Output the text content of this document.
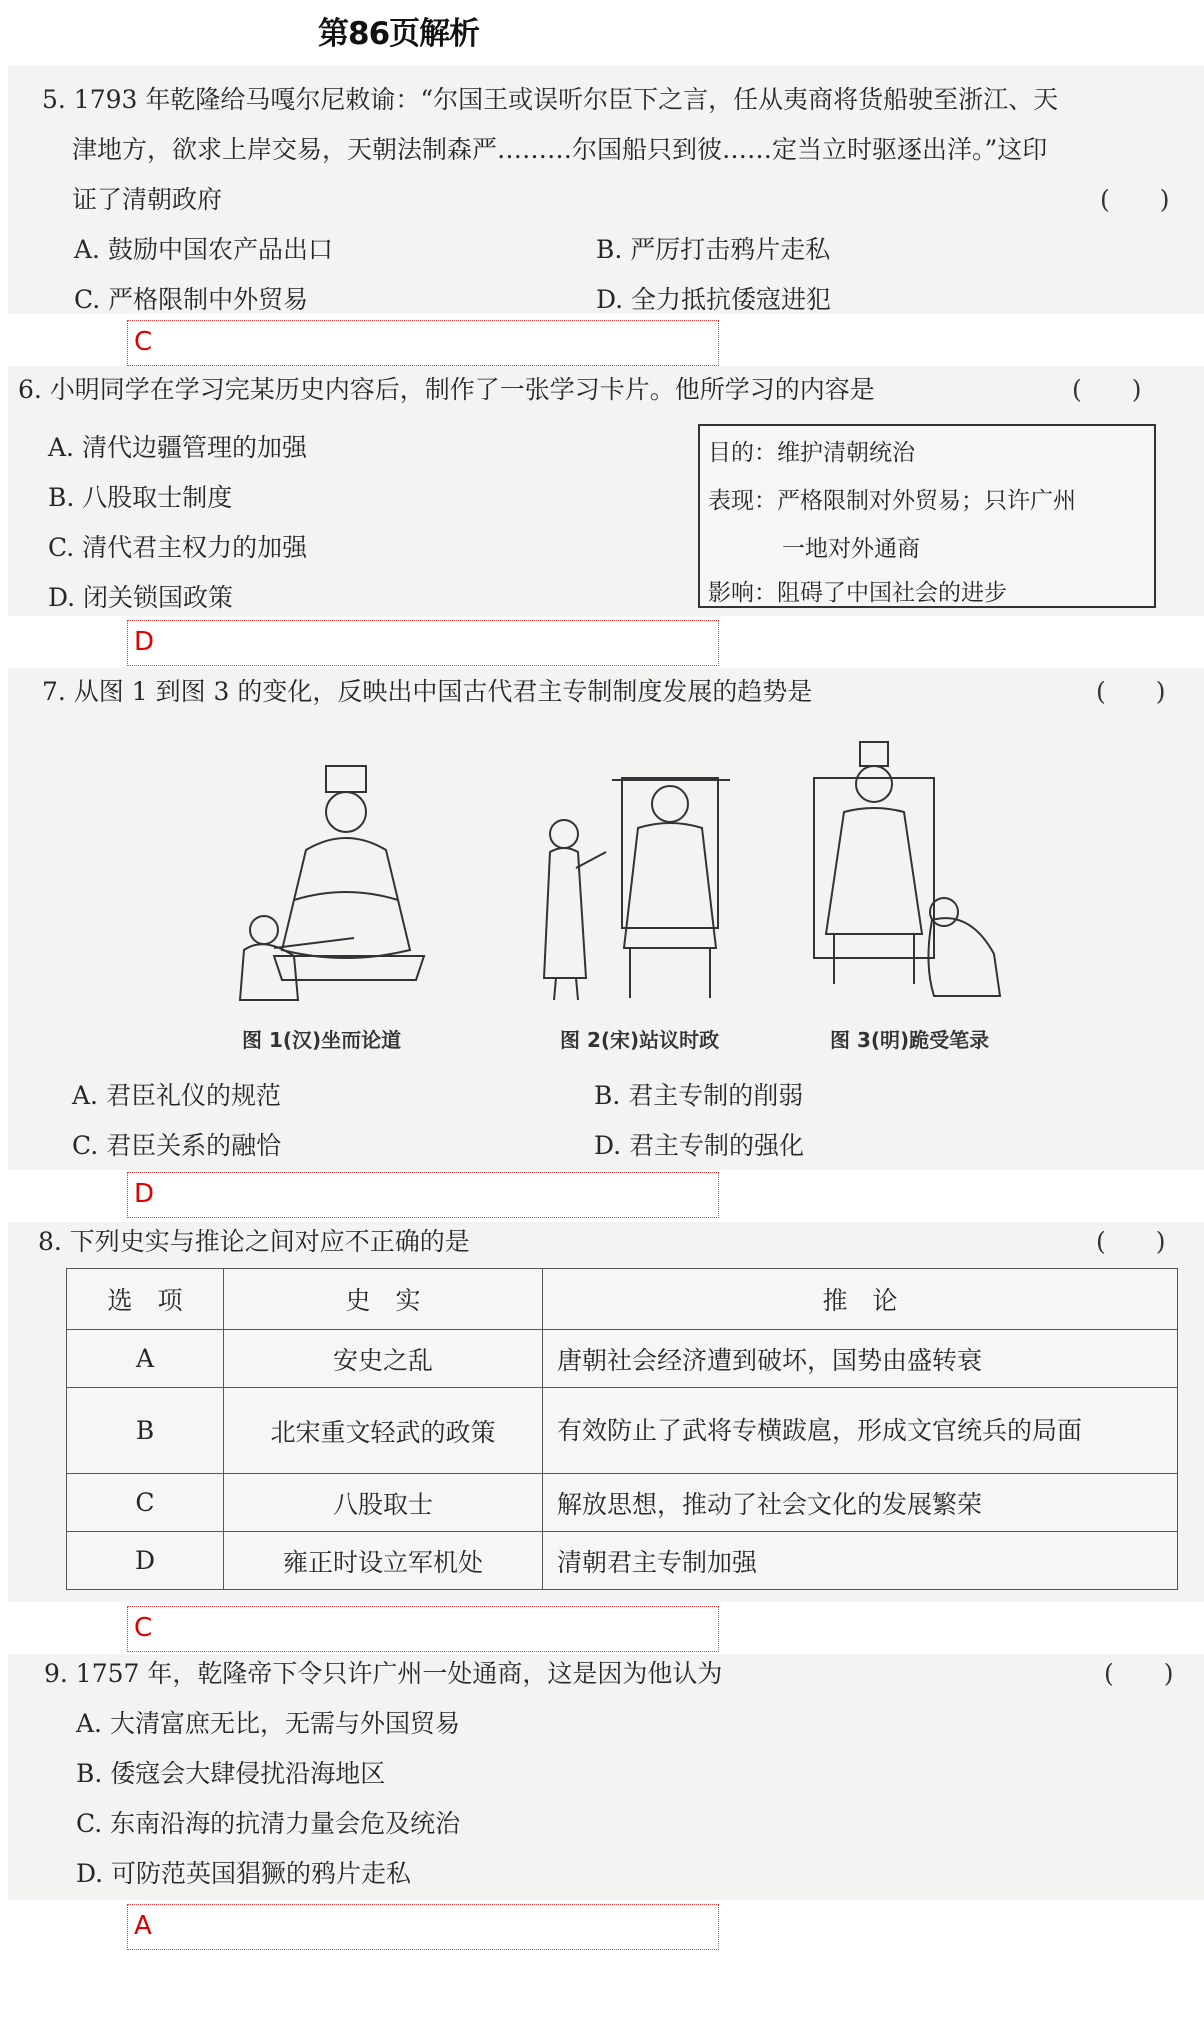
第86页解析
5. 1793 年乾隆给马嘎尔尼敕谕：“尔国王或误听尔臣下之言，任从夷商将货船驶至浙江、天
津地方，欲求上岸交易，天朝法制森严………尔国船只到彼……定当立时驱逐出洋。”这印
证了清朝政府	(　　)
A. 鼓励中国农产品出口	B. 严厉打击鸦片走私
C. 严格限制中外贸易	D. 全力抵抗倭寇进犯
C
6. 小明同学在学习完某历史内容后，制作了一张学习卡片。他所学习的内容是	(　　)
A. 清代边疆管理的加强
B. 八股取士制度
C. 清代君主权力的加强
D. 闭关锁国政策
目的：维护清朝统治
表现：严格限制对外贸易；只许广州
一地对外通商
影响：阻碍了中国社会的进步
D
7. 从图 1 到图 3 的变化，反映出中国古代君主专制制度发展的趋势是	(　　)
图 1(汉)坐而论道	图 2(宋)站议时政	图 3(明)跪受笔录
A. 君臣礼仪的规范	B. 君主专制的削弱
C. 君臣关系的融恰	D. 君主专制的强化
D
8. 下列史实与推论之间对应不正确的是	(　　)
选　项	史　实	推　论
A	安史之乱	唐朝社会经济遭到破坏，国势由盛转衰
B	北宋重文轻武的政策	有效防止了武将专横跋扈，形成文官统兵的局面
C	八股取士	解放思想，推动了社会文化的发展繁荣
D	雍正时设立军机处	清朝君主专制加强
C
9. 1757 年，乾隆帝下令只许广州一处通商，这是因为他认为	(　　)
A. 大清富庶无比，无需与外国贸易
B. 倭寇会大肆侵扰沿海地区
C. 东南沿海的抗清力量会危及统治
D. 可防范英国猖獗的鸦片走私
A
